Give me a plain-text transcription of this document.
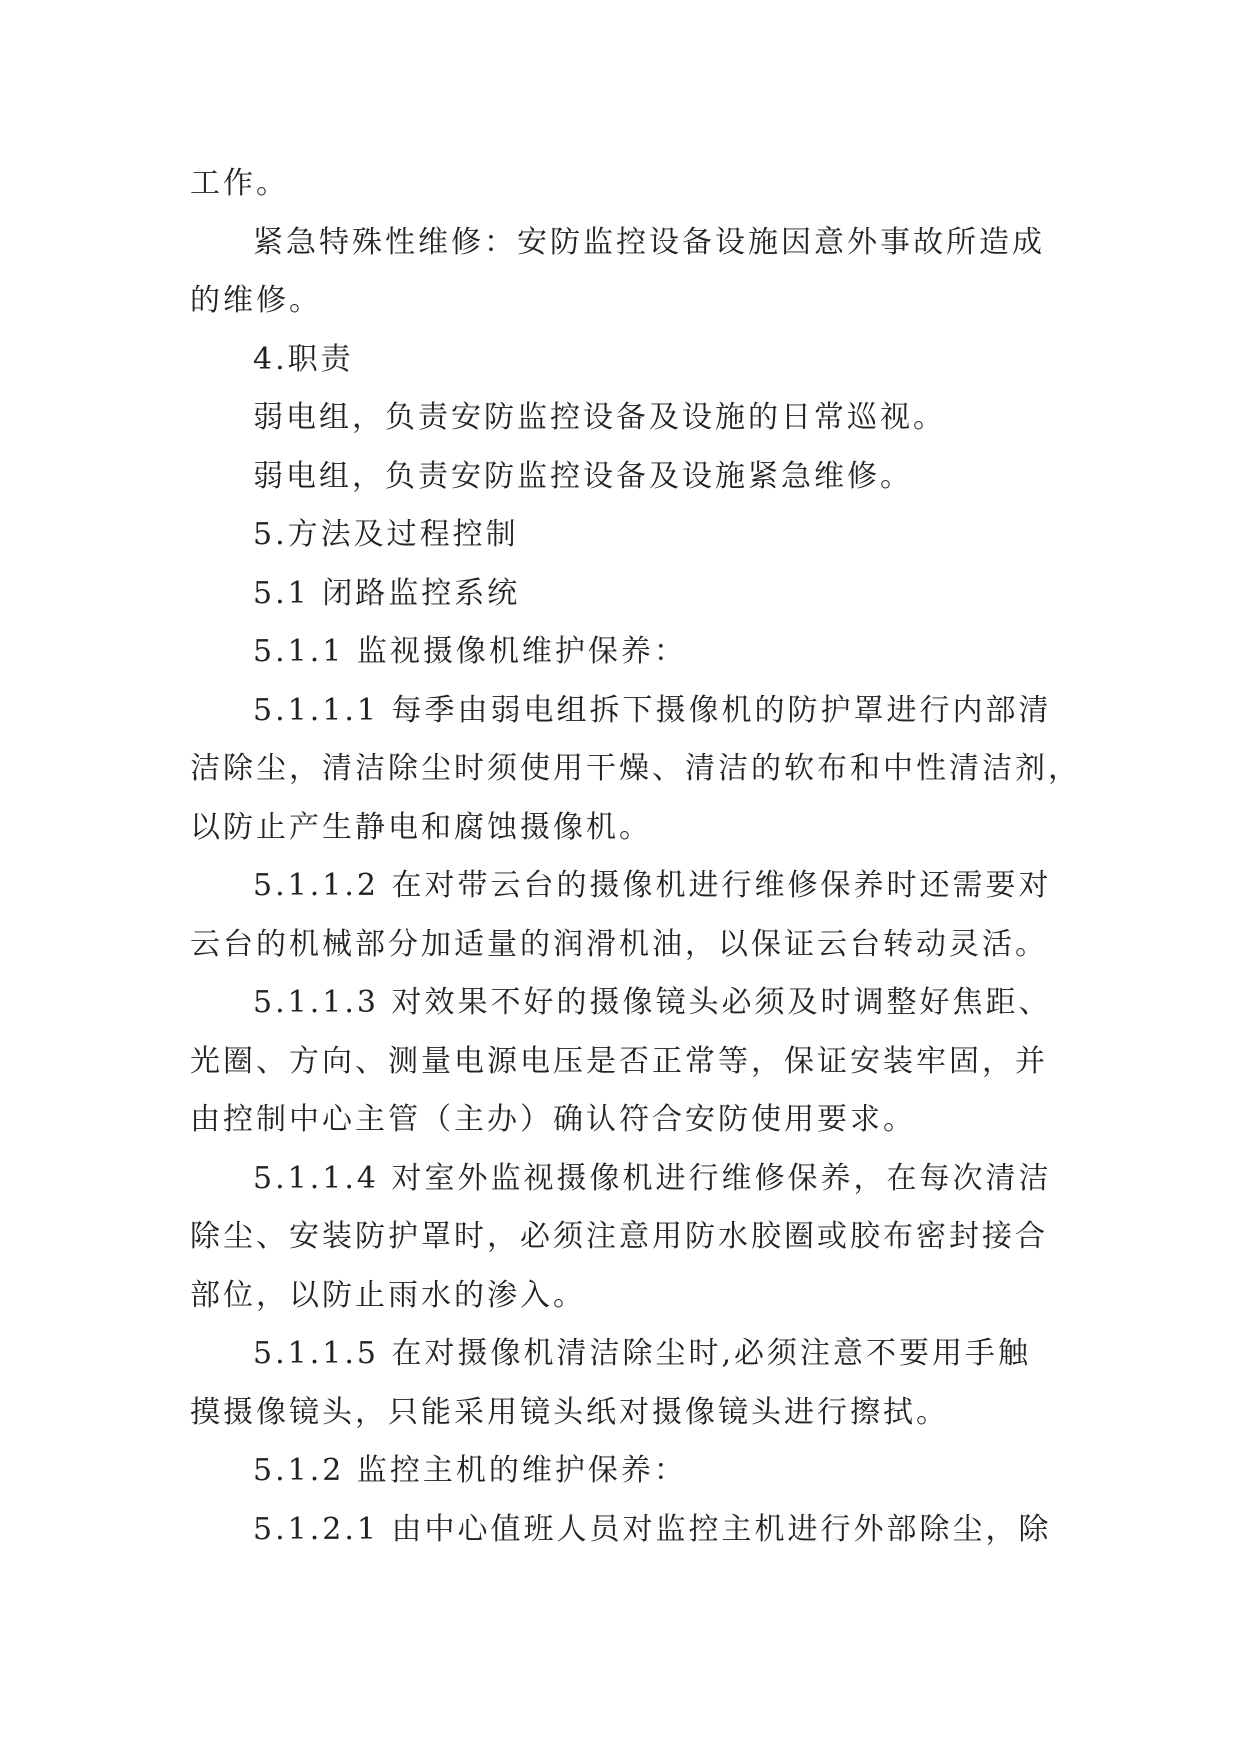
工作。
紧急特殊性维修：安防监控设备设施因意外事故所造成
的维修。
4.职责
弱电组，负责安防监控设备及设施的日常巡视。
弱电组，负责安防监控设备及设施紧急维修。
5.方法及过程控制
5.1 闭路监控系统
5.1.1 监视摄像机维护保养：
5.1.1.1 每季由弱电组拆下摄像机的防护罩进行内部清
洁除尘，清洁除尘时须使用干燥、清洁的软布和中性清洁剂，
以防止产生静电和腐蚀摄像机。
5.1.1.2 在对带云台的摄像机进行维修保养时还需要对
云台的机械部分加适量的润滑机油，以保证云台转动灵活。
5.1.1.3 对效果不好的摄像镜头必须及时调整好焦距、
光圈、方向、测量电源电压是否正常等，保证安装牢固，并
由控制中心主管（主办）确认符合安防使用要求。
5.1.1.4 对室外监视摄像机进行维修保养，在每次清洁
除尘、安装防护罩时，必须注意用防水胶圈或胶布密封接合
部位，以防止雨水的渗入。
5.1.1.5 在对摄像机清洁除尘时,必须注意不要用手触
摸摄像镜头，只能采用镜头纸对摄像镜头进行擦拭。
5.1.2 监控主机的维护保养：
5.1.2.1 由中心值班人员对监控主机进行外部除尘，除
